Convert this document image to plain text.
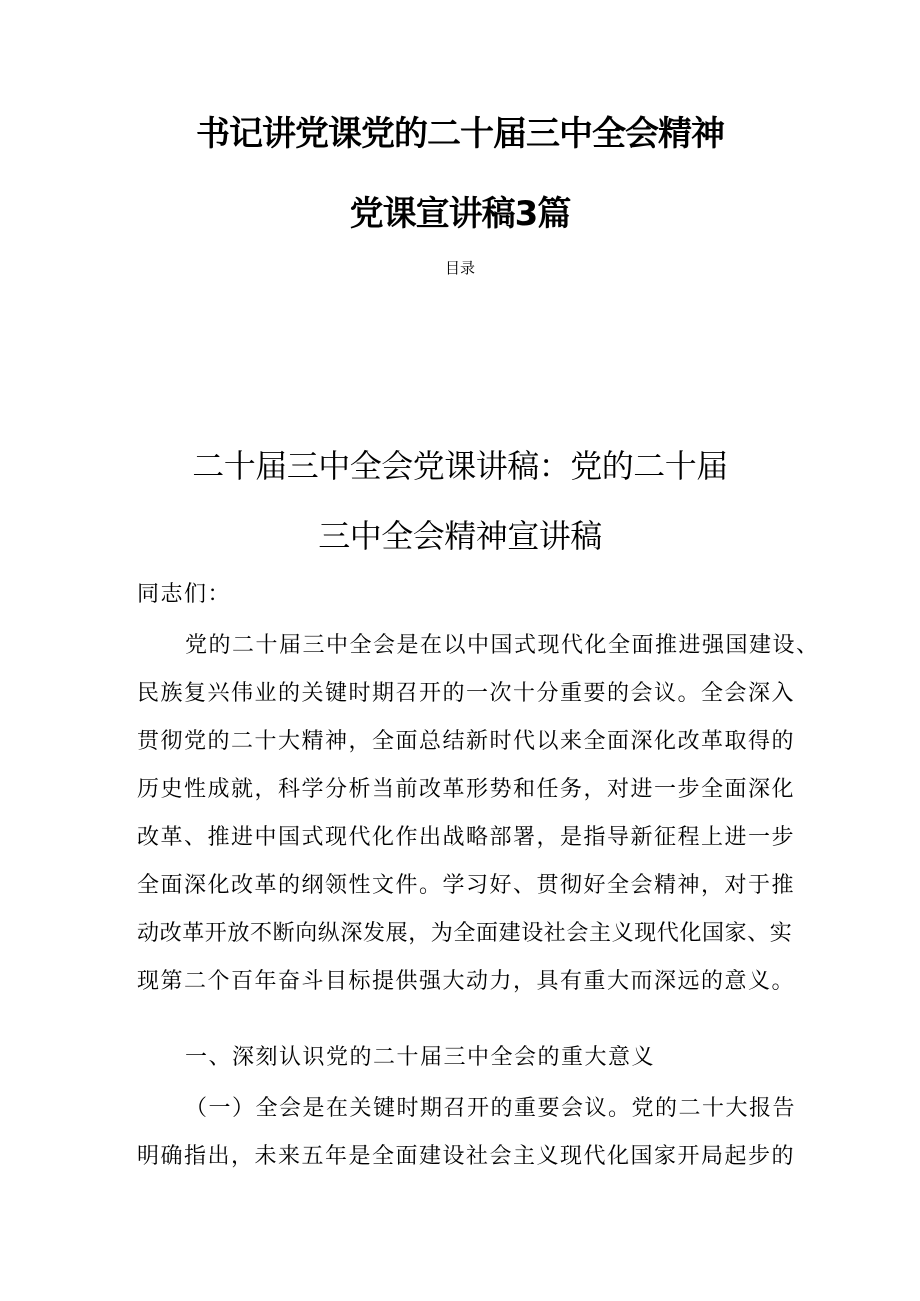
书记讲党课党的二十届三中全会精神
党课宣讲稿3篇
目录
二十届三中全会党课讲稿：党的二十届
三中全会精神宣讲稿
同志们：
党的二十届三中全会是在以中国式现代化全面推进强国建设、
民族复兴伟业的关键时期召开的一次十分重要的会议。全会深入
贯彻党的二十大精神，全面总结新时代以来全面深化改革取得的
历史性成就，科学分析当前改革形势和任务，对进一步全面深化
改革、推进中国式现代化作出战略部署，是指导新征程上进一步
全面深化改革的纲领性文件。学习好、贯彻好全会精神，对于推
动改革开放不断向纵深发展，为全面建设社会主义现代化国家、实
现第二个百年奋斗目标提供强大动力，具有重大而深远的意义。
一、深刻认识党的二十届三中全会的重大意义
（一）全会是在关键时期召开的重要会议。党的二十大报告
明确指出，未来五年是全面建设社会主义现代化国家开局起步的
